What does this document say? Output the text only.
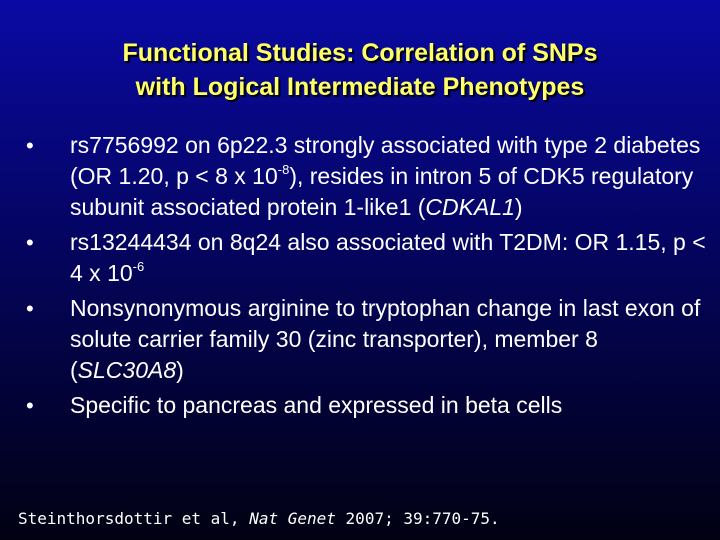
Functional Studies: Correlation of SNPs
with Logical Intermediate Phenotypes
•	rs7756992 on 6p22.3 strongly associated with type 2 diabetes (OR 1.20, p < 8 x $10^{-8}$), resides in intron 5 of CDK5 regulatory subunit associated protein 1-like1 (CDKAL1)
•	rs13244434 on 8q24 also associated with T2DM: OR 1.15, p < 4 x $10^{-6}$
•	Nonsynonymous arginine to tryptophan change in last exon of solute carrier family 30 (zinc transporter), member 8 (SLC30A8)
•	Specific to pancreas and expressed in beta cells
Steinthorsdottir et al, Nat Genet 2007; 39:770-75.
